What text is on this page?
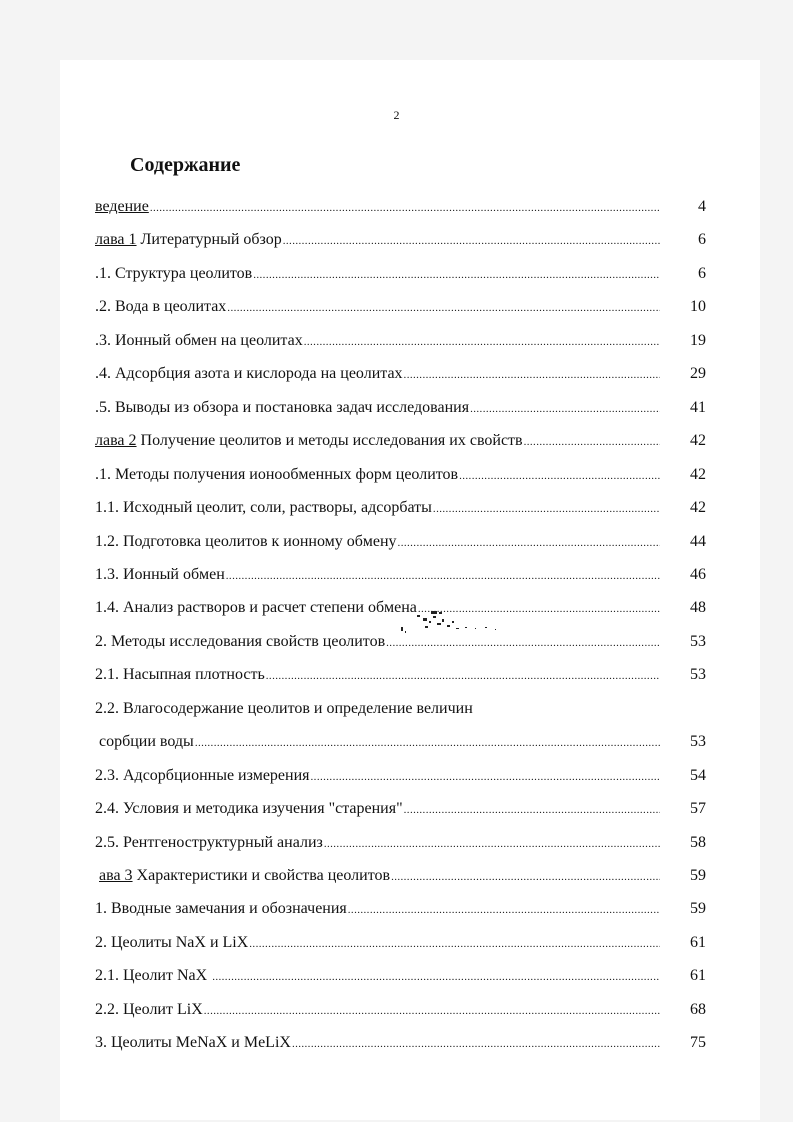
2
Содержание
4
ведение
.....
6
лава 1 Литературный обзор
.....
6
.1. Структура цеолитов
.....
10
.2. Вода в цеолитах
.....
19
.3. Ионный обмен на цеолитах
.....
29
.4. Адсорбция азота и кислорода на цеолитах
.....
41
.5. Выводы из обзора и постановка задач исследования
.....
42
лава 2 Получение цеолитов и методы исследования их свойств
.....
42
.1. Методы получения ионообменных форм цеолитов
.....
42
1.1. Исходный цеолит, соли, растворы, адсорбаты
.....
44
1.2. Подготовка цеолитов к ионному обмену
.....
46
1.3. Ионный обмен
.....
48
1.4. Анализ растворов и расчет степени обмена
.....
53
2. Методы исследования свойств цеолитов
.....
53
2.1. Насыпная плотность
.....
2.2. Влагосодержание цеолитов и определение величин
53
сорбции воды
.....
54
2.3. Адсорбционные измерения
.....
57
2.4. Условия и методика изучения "старения"
.....
58
2.5. Рентгеноструктурный анализ
.....
59
ава 3 Характеристики и свойства цеолитов
.....
59
1. Вводные замечания и обозначения
.....
61
2. Цеолиты NaX и LiX
.....
61
2.1. Цеолит NaX
.....
68
2.2. Цеолит LiX
.....
75
3. Цеолиты MeNaX и MeLiX
.....
